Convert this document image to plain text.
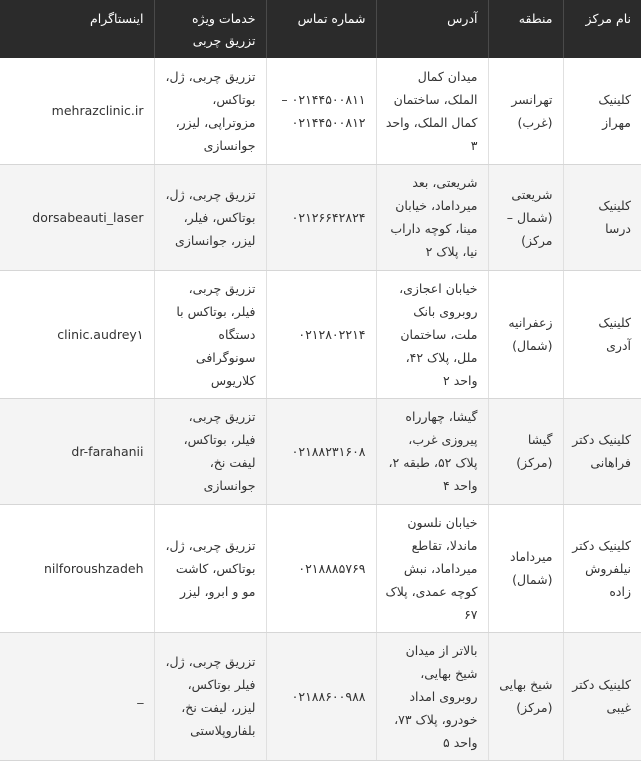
نام مرکز	منطقه	آدرس	شماره تماس	خدمات ویژه تزریق چربی	اینستاگرام
کلینیک مهراز	تهرانسر (غرب)	میدان کمال الملک، ساختمان کمال الملک، واحد ۳	۰۲۱۴۴۵۰۰۸۱۱ – ۰۲۱۴۴۵۰۰۸۱۲	تزریق چربی، ژل، بوتاکس، مزوتراپی، لیزر، جوانسازی	mehrazclinic.ir
کلینیک درسا	شریعتی (شمال – مرکز)	شریعتی، بعد میرداماد، خیابان مینا، کوچه داراب نیا، پلاک ۲	۰۲۱۲۶۶۴۲۸۲۴	تزریق چربی، ژل، بوتاکس، فیلر، لیزر، جوانسازی	dorsabeauti_laser
کلینیک آدری	زعفرانیه (شمال)	خیابان اعجازی، روبروی بانک ملت، ساختمان ملل، پلاک ۴۲، واحد ۲	۰۲۱۲۸۰۲۲۱۴	تزریق چربی، فیلر، بوتاکس با دستگاه سونوگرافی کلاریوس	clinic.audrey۱
کلینیک دکتر فراهانی	گیشا (مرکز)	گیشا، چهارراه پیروزی غرب، پلاک ۵۲، طبقه ۲، واحد ۴	۰۲۱۸۸۲۳۱۶۰۸	تزریق چربی، فیلر، بوتاکس، لیفت نخ، جوانسازی	dr-farahanii
کلینیک دکتر نیلفروش زاده	میرداماد (شمال)	خیابان نلسون ماندلا، تقاطع میرداماد، نبش کوچه عمدی، پلاک ۶۷	۰۲۱۸۸۸۵۷۶۹	تزریق چربی، ژل، بوتاکس، کاشت مو و ابرو، لیزر	nilforoushzadeh
کلینیک دکتر غیبی	شیخ بهایی (مرکز)	بالاتر از میدان شیخ بهایی، روبروی امداد خودرو، پلاک ۷۳، واحد ۵	۰۲۱۸۸۶۰۰۹۸۸	تزریق چربی، ژل، فیلر بوتاکس، لیزر، لیفت نخ، بلفاروپلاستی	_
